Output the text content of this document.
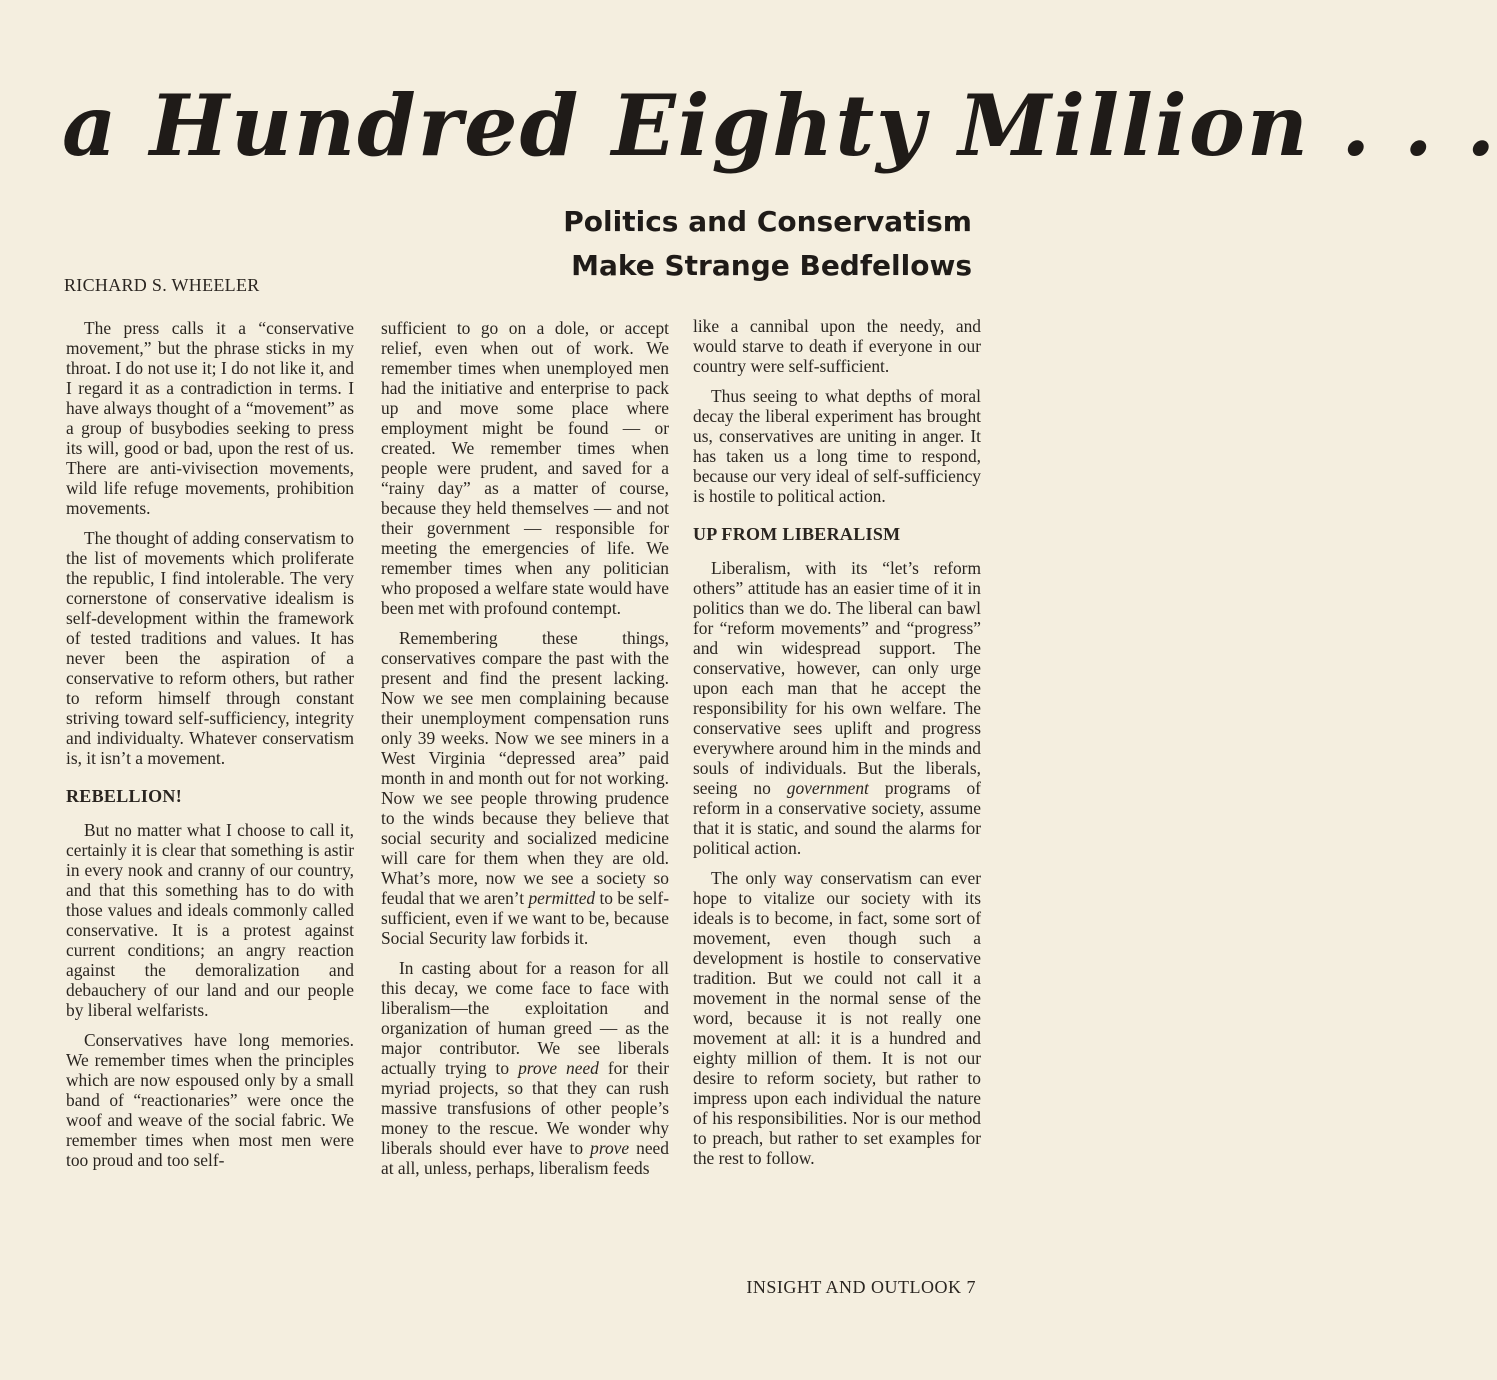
a Hundred Eighty Million . . .
Politics and Conservatism
Make Strange Bedfellows
RICHARD S. WHEELER

The press calls it a “conservative movement,” but the phrase sticks in my throat. I do not use it; I do not like it, and I regard it as a contradiction in terms. I have always thought of a “movement” as a group of busybodies seeking to press its will, good or bad, upon the rest of us. There are anti-vivisection movements, wild life refuge movements, prohibition movements.

The thought of adding conservatism to the list of movements which proliferate the republic, I find intolerable. The very cornerstone of conservative idealism is self-development within the framework of tested traditions and values. It has never been the aspiration of a conservative to reform others, but rather to reform himself through constant striving toward self-sufficiency, integrity and individualty. Whatever conservatism is, it isn’t a movement.

REBELLION!

But no matter what I choose to call it, certainly it is clear that something is astir in every nook and cranny of our country, and that this something has to do with those values and ideals commonly called conservative. It is a protest against current conditions; an angry reaction against the demoralization and debauchery of our land and our people by liberal welfarists.

Conservatives have long memories. We remember times when the principles which are now espoused only by a small band of “reactionaries” were once the woof and weave of the social fabric. We remember times when most men were too proud and too self-

sufficient to go on a dole, or accept relief, even when out of work. We remember times when unemployed men had the initiative and enterprise to pack up and move some place where employment might be found — or created. We remember times when people were prudent, and saved for a “rainy day” as a matter of course, because they held themselves — and not their government — responsible for meeting the emergencies of life. We remember times when any politician who proposed a welfare state would have been met with profound contempt.

Remembering these things, conservatives compare the past with the present and find the present lacking. Now we see men complaining because their unemployment compensation runs only 39 weeks. Now we see miners in a West Virginia “depressed area” paid month in and month out for not working. Now we see people throwing prudence to the winds because they believe that social security and socialized medicine will care for them when they are old. What’s more, now we see a society so feudal that we aren’t permitted to be self-sufficient, even if we want to be, because Social Security law forbids it.

In casting about for a reason for all this decay, we come face to face with liberalism—the exploitation and organization of human greed — as the major contributor. We see liberals actually trying to prove need for their myriad projects, so that they can rush massive transfusions of other people’s money to the rescue. We wonder why liberals should ever have to prove need at all, unless, perhaps, liberalism feeds

like a cannibal upon the needy, and would starve to death if everyone in our country were self-sufficient.

Thus seeing to what depths of moral decay the liberal experiment has brought us, conservatives are uniting in anger. It has taken us a long time to respond, because our very ideal of self-sufficiency is hostile to political action.

UP FROM LIBERALISM

Liberalism, with its “let’s reform others” attitude has an easier time of it in politics than we do. The liberal can bawl for “reform movements” and “progress” and win widespread support. The conservative, however, can only urge upon each man that he accept the responsibility for his own welfare. The conservative sees uplift and progress everywhere around him in the minds and souls of individuals. But the liberals, seeing no government programs of reform in a conservative society, assume that it is static, and sound the alarms for political action.

The only way conservatism can ever hope to vitalize our society with its ideals is to become, in fact, some sort of movement, even though such a development is hostile to conservative tradition. But we could not call it a movement in the normal sense of the word, because it is not really one movement at all: it is a hundred and eighty million of them. It is not our desire to reform society, but rather to impress upon each individual the nature of his responsibilities. Nor is our method to preach, but rather to set examples for the rest to follow.

INSIGHT AND OUTLOOK 7
